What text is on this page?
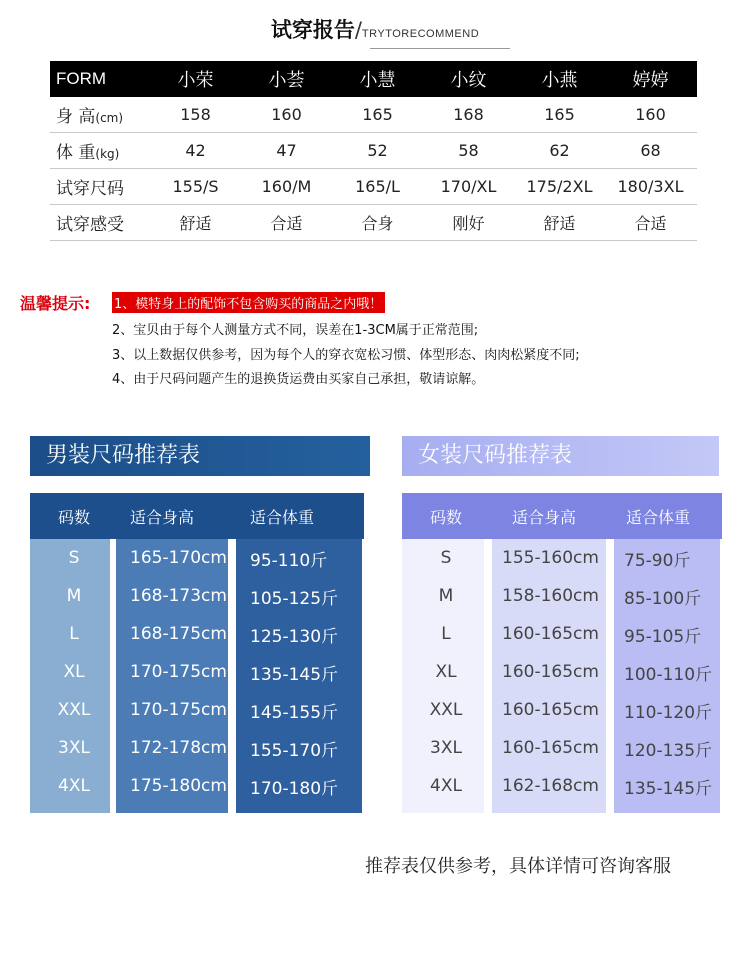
试穿报告/TRYTORECOMMEND
FORM	小荣	小荟	小慧	小纹	小燕	婷婷
身 高(cm)	158	160	165	168	165	160
体 重(kg)	42	47	52	58	62	68
试穿尺码	155/S	160/M	165/L	170/XL	175/2XL	180/3XL
试穿感受	舒适	合适	合身	刚好	舒适	合适
温馨提示: 1、模特身上的配饰不包含购买的商品之内哦！
2、宝贝由于每个人测量方式不同，误差在1-3CM属于正常范围;
3、以上数据仅供参考，因为每个人的穿衣宽松习惯、体型形态、肉肉松紧度不同;
4、由于尺码问题产生的退换货运费由买家自己承担，敬请谅解。
男装尺码推荐表
码数	适合身高	适合体重
S	165-170cm	95-110斤
M	168-173cm	105-125斤
L	168-175cm	125-130斤
XL	170-175cm	135-145斤
XXL	170-175cm	145-155斤
3XL	172-178cm	155-170斤
4XL	175-180cm	170-180斤
女装尺码推荐表
码数	适合身高	适合体重
S	155-160cm	75-90斤
M	158-160cm	85-100斤
L	160-165cm	95-105斤
XL	160-165cm	100-110斤
XXL	160-165cm	110-120斤
3XL	160-165cm	120-135斤
4XL	162-168cm	135-145斤
推荐表仅供参考，具体详情可咨询客服
